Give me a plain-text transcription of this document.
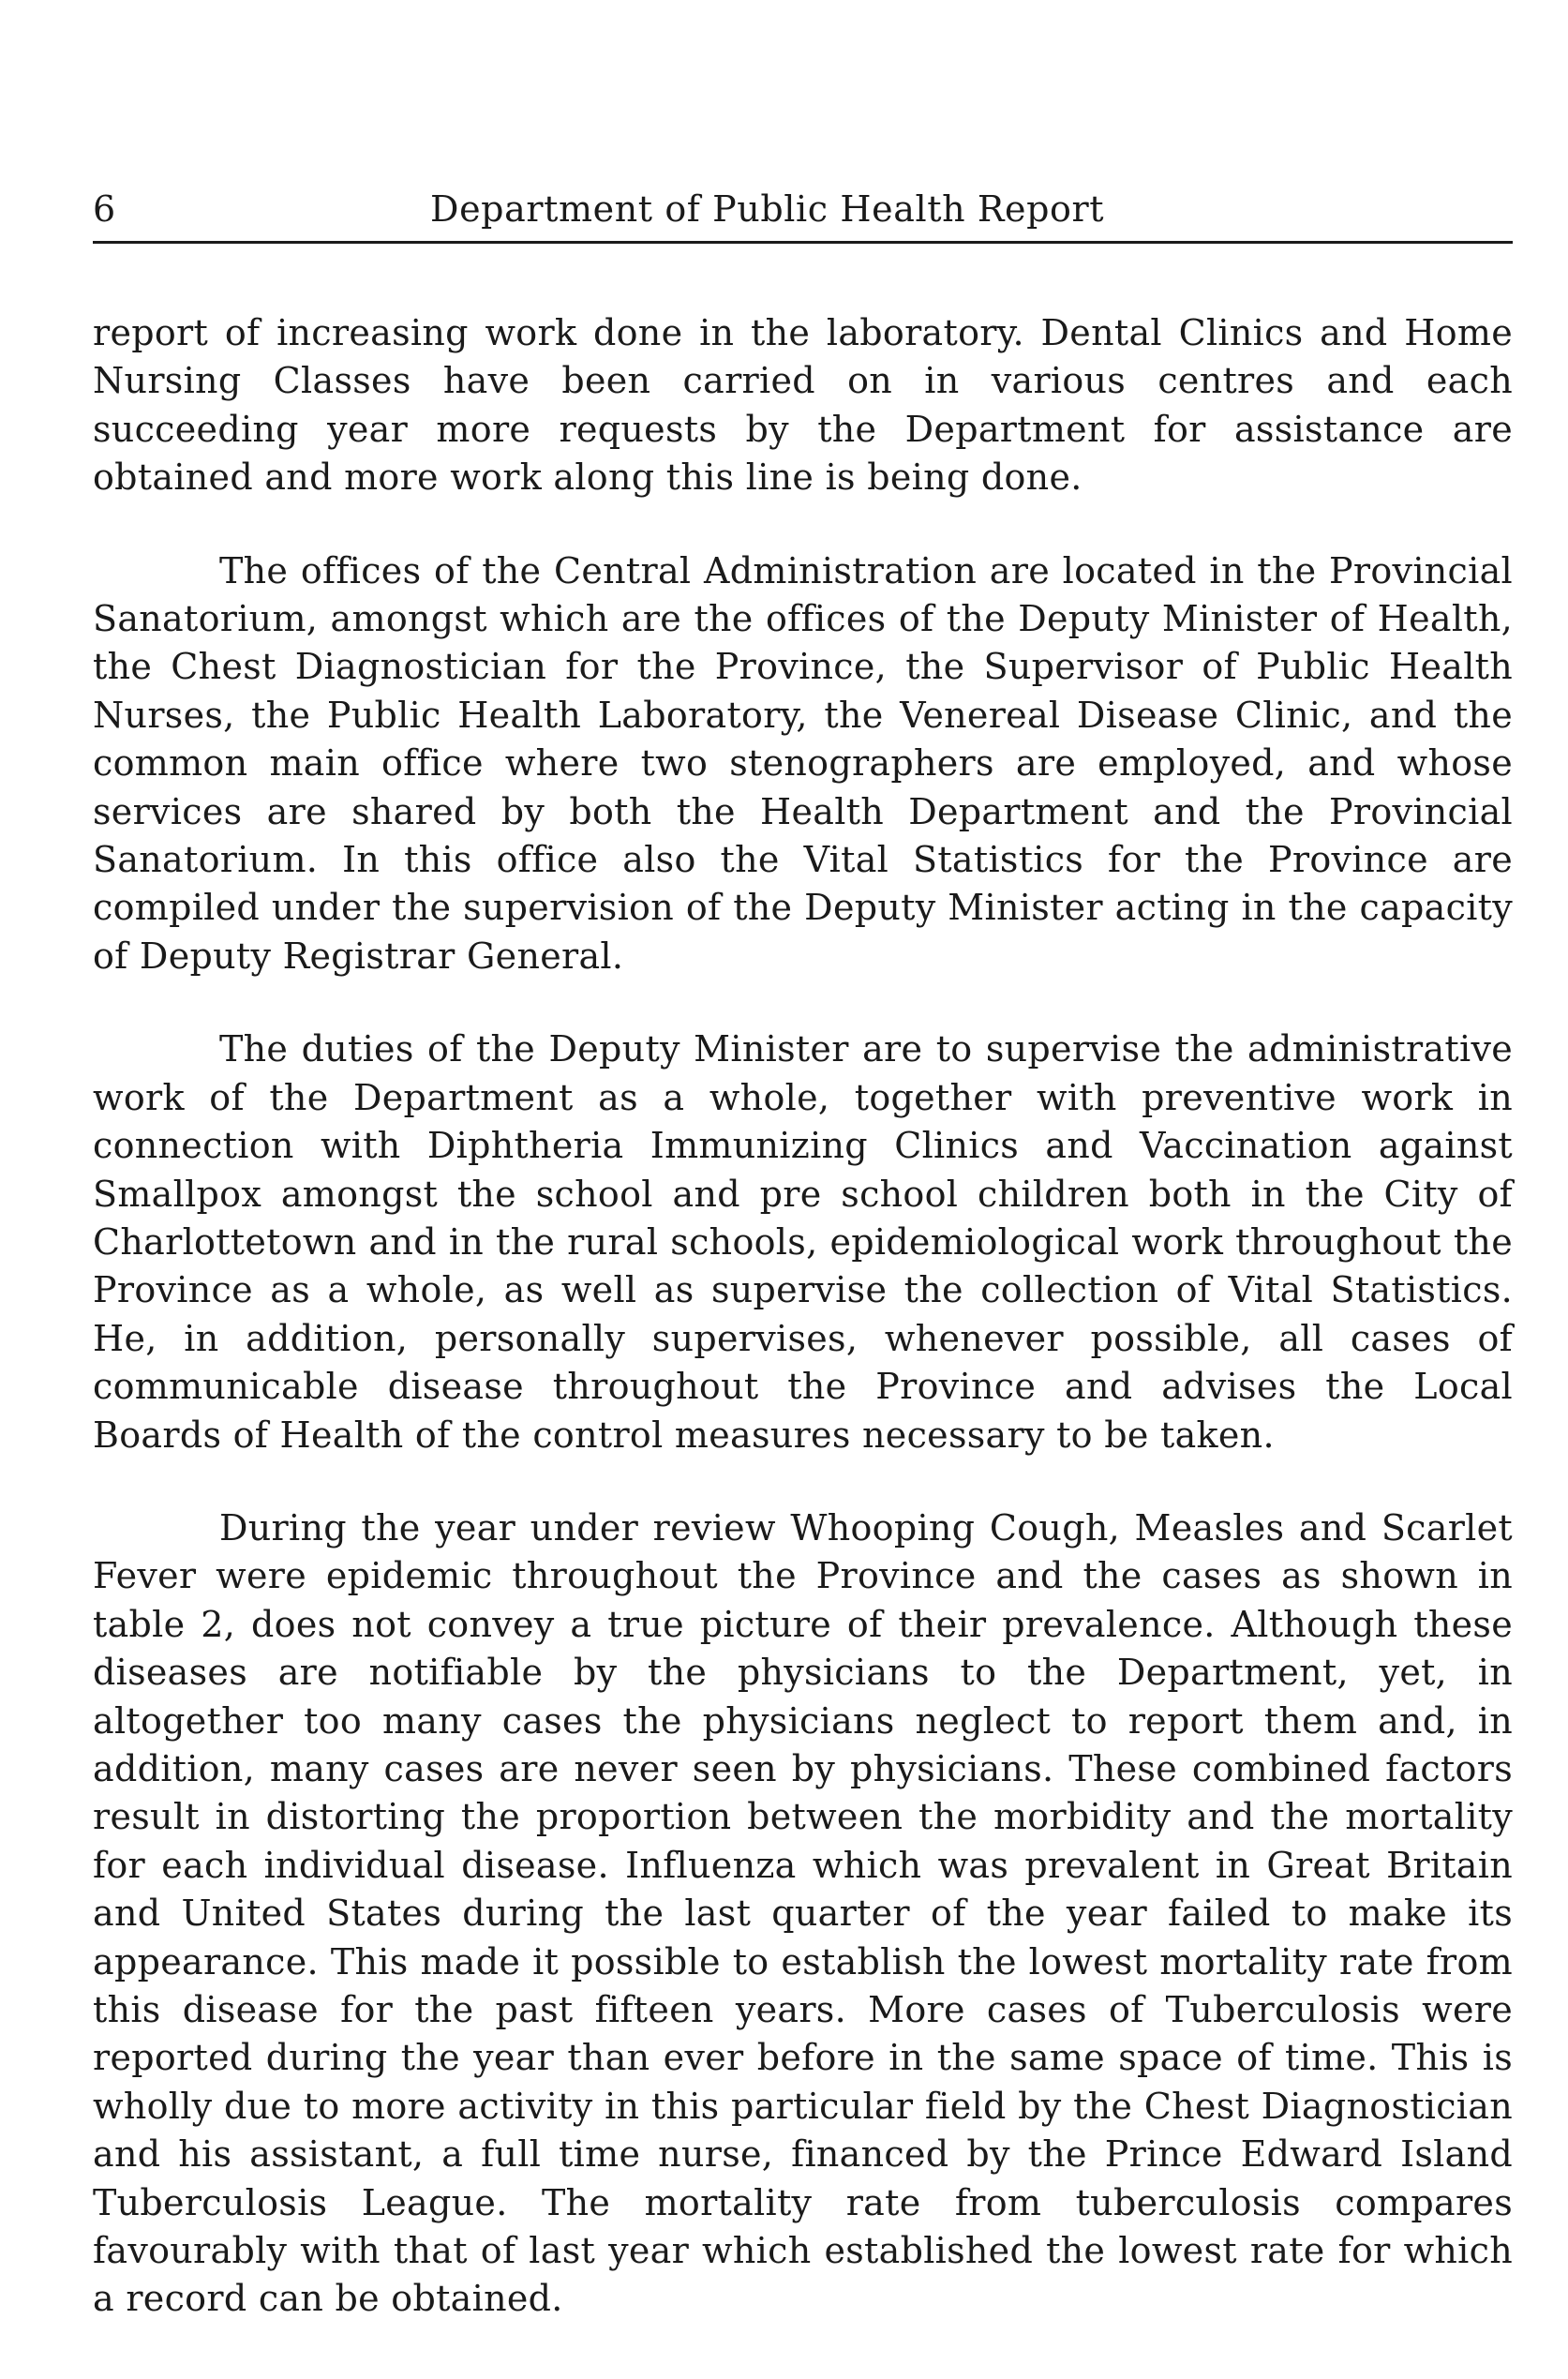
6	Department of Public Health Report

report of increasing work done in the laboratory. Dental Clinics and Home Nursing Classes have been carried on in various centres and each succeeding year more requests by the Department for assistance are obtained and more work along this line is being done.

The offices of the Central Administration are located in the Provincial Sanatorium, amongst which are the offices of the Deputy Minister of Health, the Chest Diagnostician for the Province, the Supervisor of Public Health Nurses, the Public Health Laboratory, the Venereal Disease Clinic, and the common main office where two stenographers are employed, and whose services are shared by both the Health Department and the Provincial Sanatorium. In this office also the Vital Statistics for the Province are compiled under the supervision of the Deputy Minister acting in the capacity of Deputy Registrar General.

The duties of the Deputy Minister are to supervise the administrative work of the Department as a whole, together with preventive work in connection with Diphtheria Immunizing Clinics and Vaccination against Smallpox amongst the school and pre school children both in the City of Charlottetown and in the rural schools, epidemiological work throughout the Province as a whole, as well as supervise the collection of Vital Statistics. He, in addition, personally supervises, whenever possible, all cases of communicable disease throughout the Province and advises the Local Boards of Health of the control measures necessary to be taken.

During the year under review Whooping Cough, Measles and Scarlet Fever were epidemic throughout the Province and the cases as shown in table 2, does not convey a true picture of their prevalence. Although these diseases are notifiable by the physicians to the Department, yet, in altogether too many cases the physicians neglect to report them and, in addition, many cases are never seen by physicians. These combined factors result in distorting the proportion between the morbidity and the mortality for each individual disease. Influenza which was prevalent in Great Britain and United States during the last quarter of the year failed to make its appearance. This made it possible to establish the lowest mortality rate from this disease for the past fifteen years. More cases of Tuberculosis were reported during the year than ever before in the same space of time. This is wholly due to more activity in this particular field by the Chest Diagnostician and his assistant, a full time nurse, financed by the Prince Edward Island Tuberculosis League. The mortality rate from tuberculosis compares favourably with that of last year which established the lowest rate for which a record can be obtained.
